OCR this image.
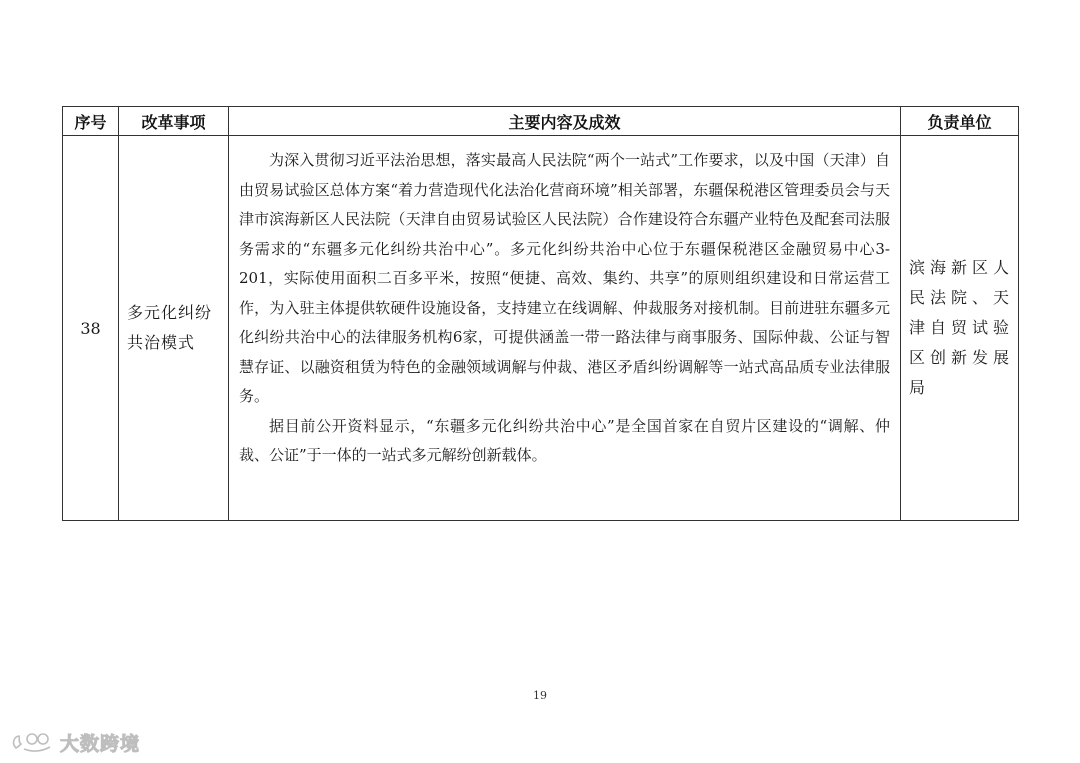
序号	改革事项	主要内容及成效	负责单位
38	多元化纠纷共治模式	为深入贯彻习近平法治思想，落实最高人民法院“两个一站式”工作要求，以及中国（天津）自由贸易试验区总体方案“着力营造现代化法治化营商环境”相关部署，东疆保税港区管理委员会与天津市滨海新区人民法院（天津自由贸易试验区人民法院）合作建设符合东疆产业特色及配套司法服务需求的“东疆多元化纠纷共治中心”。多元化纠纷共治中心位于东疆保税港区金融贸易中心3-201，实际使用面积二百多平米，按照“便捷、高效、集约、共享”的原则组织建设和日常运营工作，为入驻主体提供软硬件设施设备，支持建立在线调解、仲裁服务对接机制。目前进驻东疆多元化纠纷共治中心的法律服务机构6家，可提供涵盖一带一路法律与商事服务、国际仲裁、公证与智慧存证、以融资租赁为特色的金融领域调解与仲裁、港区矛盾纠纷调解等一站式高品质专业法律服务。

据目前公开资料显示，“东疆多元化纠纷共治中心”是全国首家在自贸片区建设的“调解、仲裁、公证”于一体的一站式多元解纷创新载体。	滨海新区人民法院、天津自贸试验区创新发展局
19
大数跨境
